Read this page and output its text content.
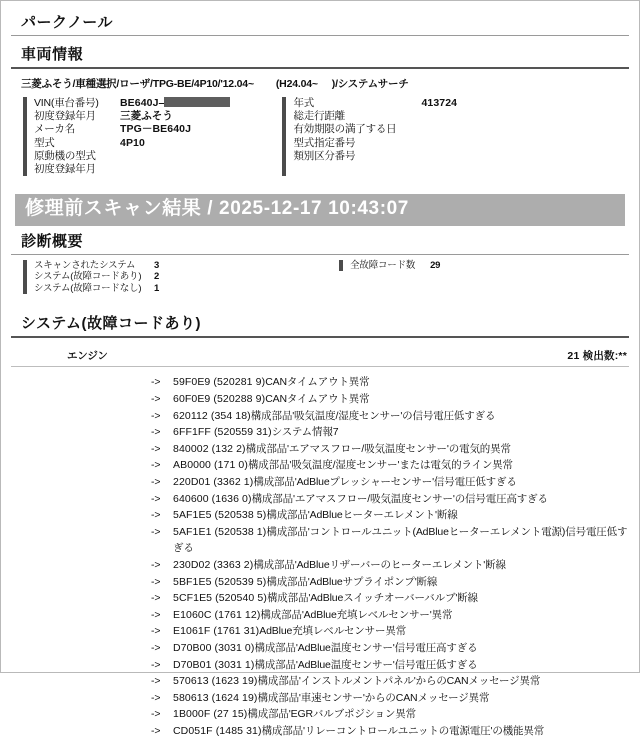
パークノール
車両情報
三菱ふそう/車種選択/ローザ/TPG-BE/4P10/'12.04~ (H24.04~ )/システムサーチ
VIN(車台番号)	BE640J–
初度登録年月	三菱ふそう
メーカ名	TPG－BE640J
型式	4P10
原動機の型式
初度登録年月
年式	413724
総走行距離
有効期限の満了する日
型式指定番号
類別区分番号
修理前スキャン結果 / 2025-12-17 10:43:07
診断概要
スキャンされたシステム 3
システム(故障コードあり) 2
システム(故障コードなし) 1
全故障コード数 29
システム(故障コードあり)
エンジン	21 検出数:**
-> 59F0E9 (520281 9)CANタイムアウト異常
-> 60F0E9 (520288 9)CANタイムアウト異常
-> 620112 (354 18)構成部品'吸気温度/湿度センサー'の信号電圧低すぎる
-> 6FF1FF (520559 31)システム情報7
-> 840002 (132 2)構成部品'エアマスフロー/吸気温度センサー'の電気的異常
-> AB0000 (171 0)構成部品'吸気温度/湿度センサー'または電気的ライン異常
-> 220D01 (3362 1)構成部品'AdBlueプレッシャーセンサー'信号電圧低すぎる
-> 640600 (1636 0)構成部品'エアマスフロー/吸気温度センサー'の信号電圧高すぎる
-> 5AF1E5 (520538 5)構成部品'AdBlueヒーターエレメント'断線
-> 5AF1E1 (520538 1)構成部品'コントロールユニット(AdBlueヒーターエレメント電源)信号電圧低すぎる
-> 230D02 (3363 2)構成部品'AdBlueリザーバーのヒーターエレメント'断線
-> 5BF1E5 (520539 5)構成部品'AdBlueサプライポンプ'断線
-> 5CF1E5 (520540 5)構成部品'AdBlueスイッチオーバーバルブ'断線
-> E1060C (1761 12)構成部品'AdBlue充填レベルセンサー'異常
-> E1061F (1761 31)AdBlue充填レベルセンサー異常
-> D70B00 (3031 0)構成部品'AdBlue温度センサー'信号電圧高すぎる
-> D70B01 (3031 1)構成部品'AdBlue温度センサー'信号電圧低すぎる
-> 570613 (1623 19)構成部品'インストルメントパネル'からのCANメッセージ異常
-> 580613 (1624 19)構成部品'車速センサー'からのCANメッセージ異常
-> 1B000F (27 15)構成部品'EGRバルブポジション異常
-> CD051F (1485 31)構成部品'リレーコントロールユニットの電源電圧'の機能異常
